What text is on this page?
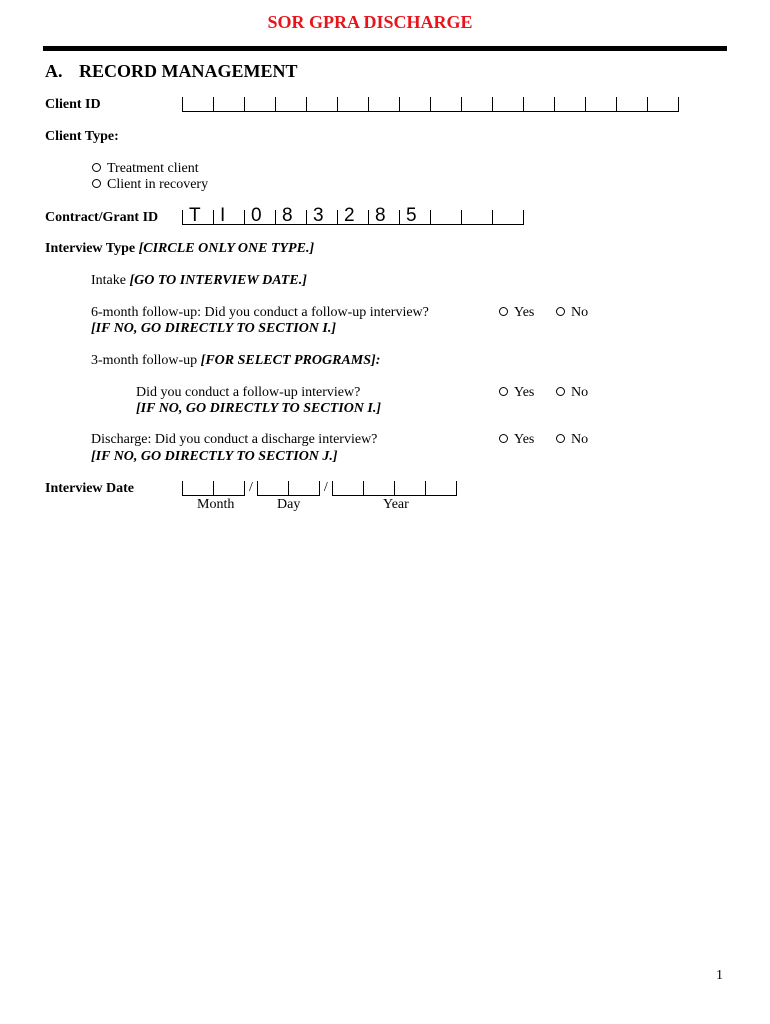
SOR GPRA DISCHARGE
A. RECORD MANAGEMENT
Client ID
Client Type:
Treatment client
Client in recovery
Contract/Grant ID T I 0 8 3 2 8 5
Interview Type [CIRCLE ONLY ONE TYPE.]
Intake [GO TO INTERVIEW DATE.]
6-month follow-up: Did you conduct a follow-up interview?
[IF NO, GO DIRECTLY TO SECTION I.]
Yes	No
3-month follow-up [FOR SELECT PROGRAMS]:
Did you conduct a follow-up interview?
[IF NO, GO DIRECTLY TO SECTION I.]
Yes	No
Discharge: Did you conduct a discharge interview?
[IF NO, GO DIRECTLY TO SECTION J.]
Yes	No
Interview Date	/	/
Month	Day	Year
1
